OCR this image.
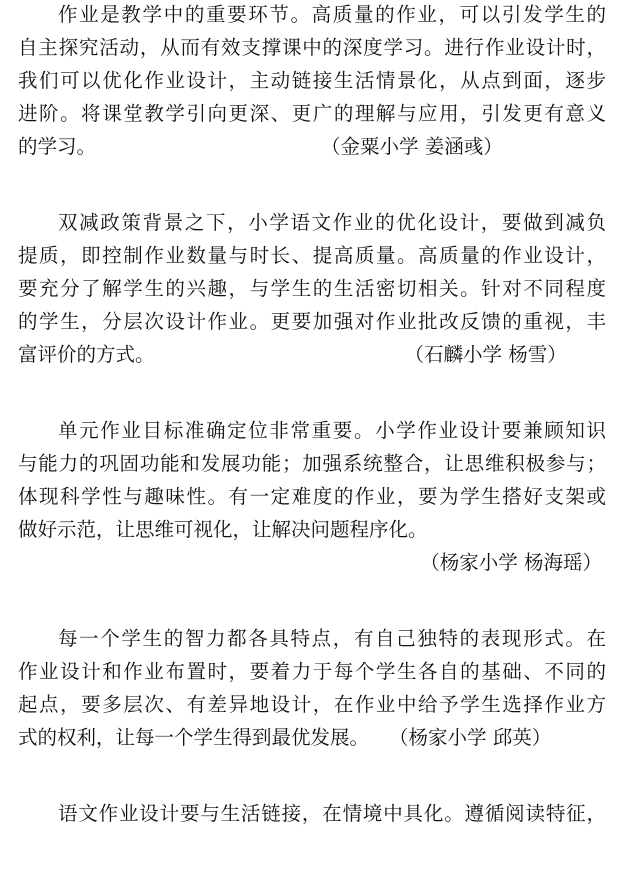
作业是教学中的重要环节。高质量的作业，可以引发学生的
自主探究活动，从而有效支撑课中的深度学习。进行作业设计时，
我们可以优化作业设计，主动链接生活情景化，从点到面，逐步
进阶。将课堂教学引向更深、更广的理解与应用，引发更有意义
的学习。	（金粟小学 姜涵彧）
双减政策背景之下，小学语文作业的优化设计，要做到减负
提质，即控制作业数量与时长、提高质量。高质量的作业设计，
要充分了解学生的兴趣，与学生的生活密切相关。针对不同程度
的学生，分层次设计作业。更要加强对作业批改反馈的重视，丰
富评价的方式。	（石麟小学 杨雪）
单元作业目标准确定位非常重要。小学作业设计要兼顾知识
与能力的巩固功能和发展功能；加强系统整合，让思维积极参与；
体现科学性与趣味性。有一定难度的作业，要为学生搭好支架或
做好示范，让思维可视化，让解决问题程序化。
（杨家小学 杨海瑶）
每一个学生的智力都各具特点，有自己独特的表现形式。在
作业设计和作业布置时，要着力于每个学生各自的基础、不同的
起点，要多层次、有差异地设计，在作业中给予学生选择作业方
式的权利，让每一个学生得到最优发展。 （杨家小学 邱英）
语文作业设计要与生活链接，在情境中具化。遵循阅读特征，
